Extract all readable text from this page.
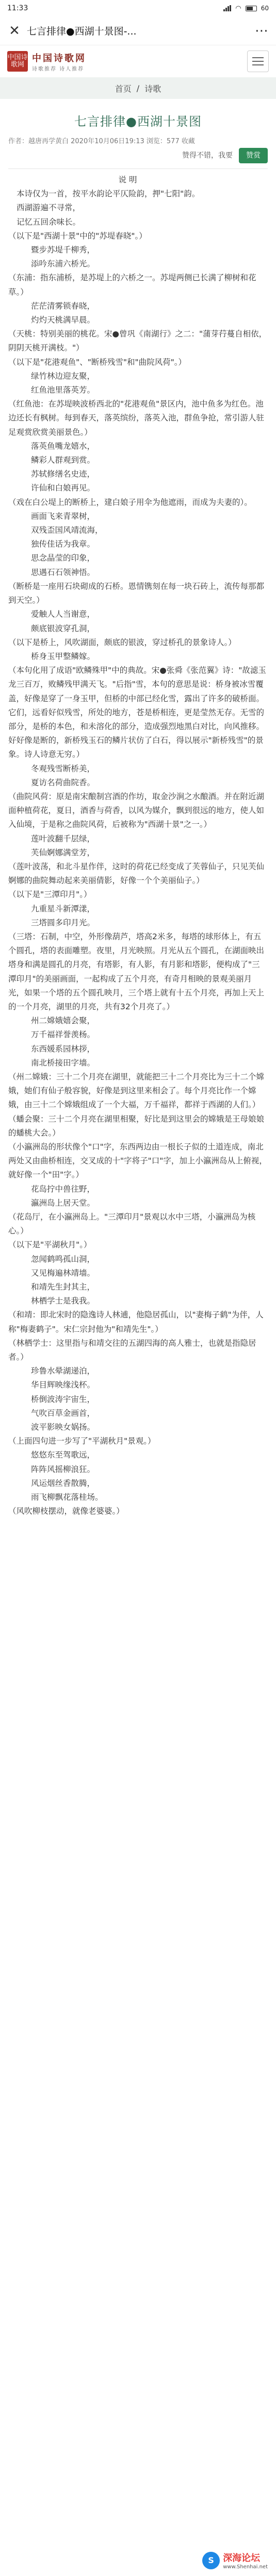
11:33	◠	60
✕ 七言排律●西湖十景图-...	⋯
中国诗歌网
中国诗歌网
诗歌推荐 诗人推荐
首页 / 诗歌
七言排律●西湖十景图
作者：越唐再学黄白 2020年10月06日19:13 浏览：577 收藏
赞得不错，我要	赞赏

说 明

本诗仅为一首，按平水韵论平仄险韵，押"七阳"韵。

西湖游遍不寻常，

记忆五回余味长。

（以下是"西湖十景"中的"苏堤春晓"。）

暨步苏堤千柳秀，

添吟东浦六桥光。

（东浦：指东浦桥，是苏堤上的六桥之一。苏堤两侧已长满了柳树和花草。）

茫茫清雾锁春晓，

灼灼天桃满早晨。

（天桃：特别美丽的桃花。宋●曾巩《南湖行》之二："蒲芽荇蔓自相依，阴阴天桃开满枝。"）

（以下是"花港观鱼"、"断桥残雪"和"曲院风荷"。）

绿竹林边迎友聚，

红鱼池里落英芳。

（红鱼池：在苏堤映波桥西北的"花港观鱼"景区内，池中鱼多为红色。池边还长有枫树。每到春天，落英缤纷，落英入池，群鱼争抢，常引游人驻足观赏欣赏美丽景色。）

落英鱼嘴龙嬉水，

鳞彩人群观到赏。

苏轼修缮名史迹，

许仙和白娘再见。

（戏在白公堤上的断桥上，建白娘子用伞为他遮雨，而成为夫妻的）。

画面飞来青翠树，

双残歪国风靖流海，

独传佳话为我章。

思念晶莹的印象，

思遇石石领神悟。

（断桥是一座用石块砌成的石桥。恩情镌刻在每一块石砖上，流传每那都到天空。）

爱触人人当谢意，

颇底银波穿孔洞，

（以下是桥上，风吹湖面，颇底的银波，穿过桥孔的景象诗人。）

桥身玉甲整鳞嫁。

（本句化用了成语"欧鳞殊甲"中的典故。宋●张舜《张范翼》诗："故滤玉龙三百万，败鳞残甲满天飞。"后指"雪，本句的意思是说：桥身被冰雪覆盖，好像是穿了一身玉甲，但桥的中部已经化雪，露出了许多的破桥面。它们，远看好似残雪，所处的地方，苍是桥相连，更是莹然无存。无雪的部分，是桥的本色，和未溶化的部分，造成强烈地黑白对比，向风推移。好好像是断的，新桥残玉石的鳞片状仿了白石，得以展示"新桥残雪"的景象。诗人诗意无穷。）

冬观残雪断桥美，

夏访名荷曲院香。

（曲院风荷：原是南宋酿制宫酒的作坊，取金沙涧之水酿酒。并在附近湖面种植荷花，夏日，酒香与荷香，以风为媒介，飘到很远的地方，使人如入仙境，于是称之曲院风荷，后被称为"西湖十景"之一。）

莲叶波翻千层绿，

芙仙婀娜满堂芳，

（莲叶波荡，和北斗星作伴，这时的荷花已经变成了芙蓉仙子，只见芙仙婀娜的曲院舞动起来美丽倩影，好像一个个美丽仙子。）

（以下是"三潭印月"。）

九重星斗新潭漾，

三塔圆多印月光。

（三塔：石制，中空，外形像葫芦，塔高2米多，每塔的球形体上，有五个圆孔，塔的表面雕塑。夜里，月光映照。月光从五个圆孔，在湖面映出塔身和满是圆孔的月亮，有塔影，有人影，有月影和塔影，便构成了"三潭印月"的美丽画面，一起构成了五个月亮，有奇月相映的景观美丽月光，如果一个塔的五个圆孔映月，三个塔上就有十五个月亮，再加上天上的一个月亮，湖里的月亮，共有32个月亮了。）

州二嫦娥嬉会聚，

万千福祥誉羡杨。

东西媛系园林拶，

南北桥接田字墙。

（州二嫦娥：三十二个月亮在湖里，就能把三十二个月亮比为三十二个嫦娥，她们有仙子般容貌，好像是到这里来相会了。每个月亮比作一个嫦娥，由三十二个嫦娥组成了一个大福，万千福祥，都祥于西湖的人们。）

（蟠会聚：三十二个月亮在湖里相聚，好比是到这里会的嫦娥是王母娘娘的蟠桃大会。）

（小瀛洲岛的形状像个"口"字，东西两边由一根长子似的土道连成，南北两处又由曲桥相连，交叉成的十"字将子"口"字，加上小瀛洲岛从上俯视，就好像一个"田"字。）

花岛拧中兽往野，

瀛洲岛上居天堂。

（花岛厅，在小瀛洲岛上。"三潭印月"景观以水中三塔，小瀛洲岛为核心。）

（以下是"平湖秋月"。）

忽闻鹤鸣孤山洞，

又见梅遍林靖墙。

和靖先生封其主，

林栖学士是我我。

（和靖：即北宋时的隐逸诗人林逋，他隐居孤山，以"妻梅子鹤"为伴，人称"梅妻鹤子"。宋仁宗封他为"和靖先生"。）

（林栖学士：这里指与和靖交往的五湖四海的高人雅士，也就是指隐居者。）

珍鲁水晕湖递泊，

华目辉映缘浅杯。

桥倒波涛宇宙生，

气吹百草金画首，

波平影映女娲扬。

（上面四句进一步写了"平湖秋月"景观。）

悠悠东至驾歌远，

阵阵风摇柳浪狂。

风运烟丝香散腾，

雨飞柳飘花落桂场。

（风吹柳枝摆动，就像老婆婆。）

S 深海论坛
www.Shenhai.net
